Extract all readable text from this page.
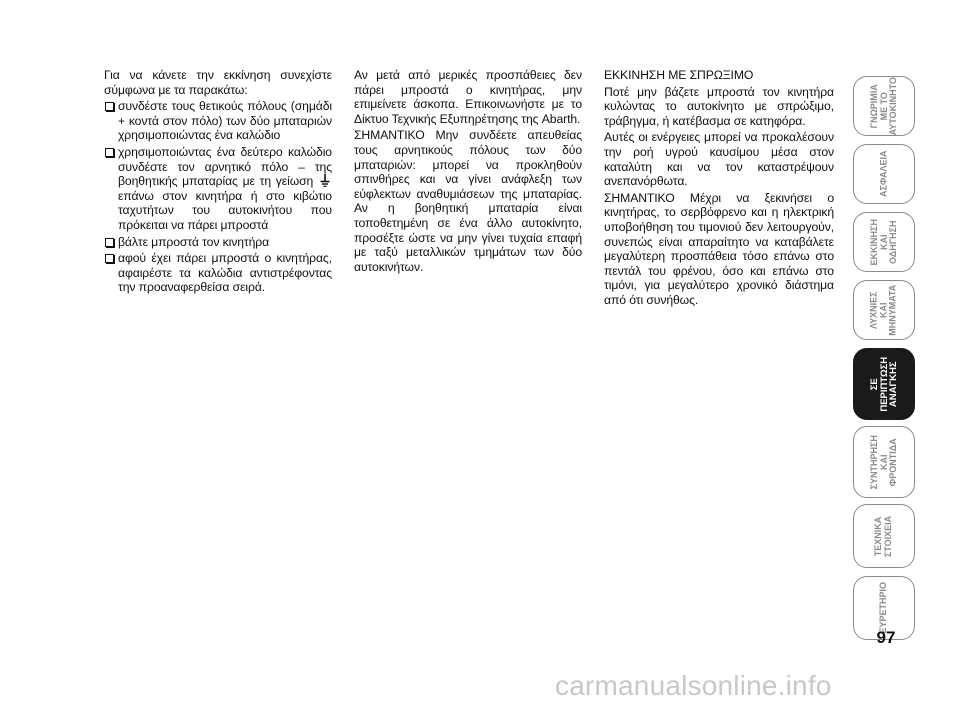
Για να κάνετε την εκκίνηση συνεχίστε σύμφωνα με τα παρακάτω:

συνδέστε τους θετικούς πόλους (σημάδι + κοντά στον πόλο) των δύο μπαταριών χρησιμοποιώντας ένα καλώδιο
χρησιμοποιώντας ένα δεύτερο καλώδιο συνδέστε τον αρνητικό πόλο – της βοηθητικής μπαταρίας με τη γείωση  επάνω στον κινητήρα ή στο κιβώτιο ταχυτήτων του αυτοκινήτου που πρόκειται να πάρει μπροστά
βάλτε μπροστά τον κινητήρα
αφού έχει πάρει μπροστά ο κινητήρας, αφαιρέστε τα καλώδια αντιστρέφοντας την προαναφερθείσα σειρά.

Αν μετά από μερικές προσπάθειες δεν πάρει μπροστά ο κινητήρας, μην επιμείνετε άσκοπα. Επικοινωνήστε με το Δίκτυο Τεχνικής Εξυπηρέτησης της Abarth.

ΣΗΜΑΝΤΙΚΟ Μην συνδέετε απευθείας τους αρνητικούς πόλους των δύο μπαταριών: μπορεί να προκληθούν σπινθήρες και να γίνει ανάφλεξη των εύφλεκτων αναθυμιάσεων της μπαταρίας. Αν η βοηθητική μπαταρία είναι τοποθετημένη σε ένα άλλο αυτοκίνητο, προσέξτε ώστε να μην γίνει τυχαία επαφή με ταξύ μεταλλικών τμημάτων των δύο αυτοκινήτων.

ΕΚΚΙΝΗΣΗ ΜΕ ΣΠΡΩΞΙΜΟ

Ποτέ μην βάζετε μπροστά τον κινητήρα κυλώντας το αυτοκίνητο με σπρώξιμο, τράβηγμα, ή κατέβασμα σε κατηφόρα.

Αυτές οι ενέργειες μπορεί να προκαλέσουν την ροή υγρού καυσίμου μέσα στον καταλύτη και να τον καταστρέψουν ανεπανόρθωτα.

ΣΗΜΑΝΤΙΚΟ Μέχρι να ξεκινήσει ο κινητήρας, το σερβόφρενο και η ηλεκτρική υποβοήθηση του τιμονιού δεν λειτουργούν, συνεπώς είναι απαραίτητο να καταβάλετε μεγαλύτερη προσπάθεια τόσο επάνω στο πεντάλ του φρένου, όσο και επάνω στο τιμόνι, για μεγαλύτερο χρονικό διάστημα από ότι συνήθως.

ΓΝΩΡΙΜΙΑ
ΜΕ ΤΟ
ΑΥΤΟΚΙΝΗΤΟ
ΑΣΦΑΛΕΙΑ
ΕΚΚΙΝΗΣΗ
ΚΑΙ
ΟΔΗΓΗΣΗ
ΛΥΧΝΙΕΣ
ΚΑΙ
ΜΗΝΥΜΑΤΑ
ΣΕ
ΠΕΡΙΠΤΩΣΗ
ΑΝΑΓΚΗΣ
ΣΥΝΤΗΡΗΣΗ
ΚΑΙ
ΦΡΟΝΤΙΔΑ
ΤΕΧΝΙΚΑ
ΣΤΟΙΧΕΙΑ
ΕΥΡΕΤΗΡΙΟ
97
carmanualsonline.info
